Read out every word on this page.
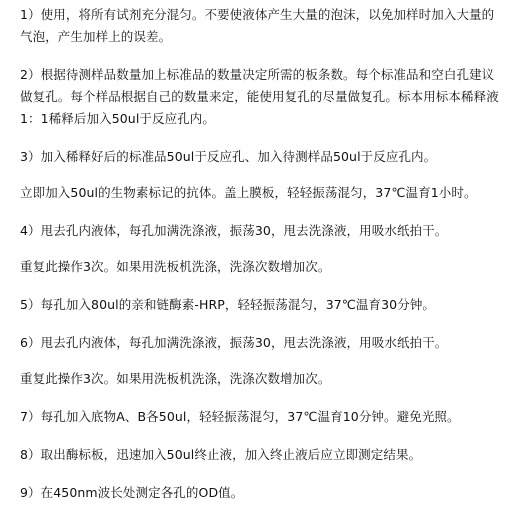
1）使用，将所有试剂充分混匀。不要使液体产生大量的泡沫，以免加样时加入大量的气泡，产生加样上的误差。

2）根据待测样品数量加上标准品的数量决定所需的板条数。每个标准品和空白孔建议做复孔。每个样品根据自己的数量来定，能使用复孔的尽量做复孔。标本用标本稀释液1：1稀释后加入50ul于反应孔内。

3）加入稀释好后的标准品50ul于反应孔、加入待测样品50ul于反应孔内。

立即加入50ul的生物素标记的抗体。盖上膜板，轻轻振荡混匀，37℃温育1小时。

4）甩去孔内液体，每孔加满洗涤液，振荡30，甩去洗涤液，用吸水纸拍干。

重复此操作3次。如果用洗板机洗涤，洗涤次数增加次。

5）每孔加入80ul的亲和链酶素-HRP，轻轻振荡混匀，37℃温育30分钟。

6）甩去孔内液体，每孔加满洗涤液，振荡30，甩去洗涤液，用吸水纸拍干。

重复此操作3次。如果用洗板机洗涤，洗涤次数增加次。

7）每孔加入底物A、B各50ul，轻轻振荡混匀，37℃温育10分钟。避免光照。

8）取出酶标板，迅速加入50ul终止液，加入终止液后应立即测定结果。

9）在450nm波长处测定各孔的OD值。
